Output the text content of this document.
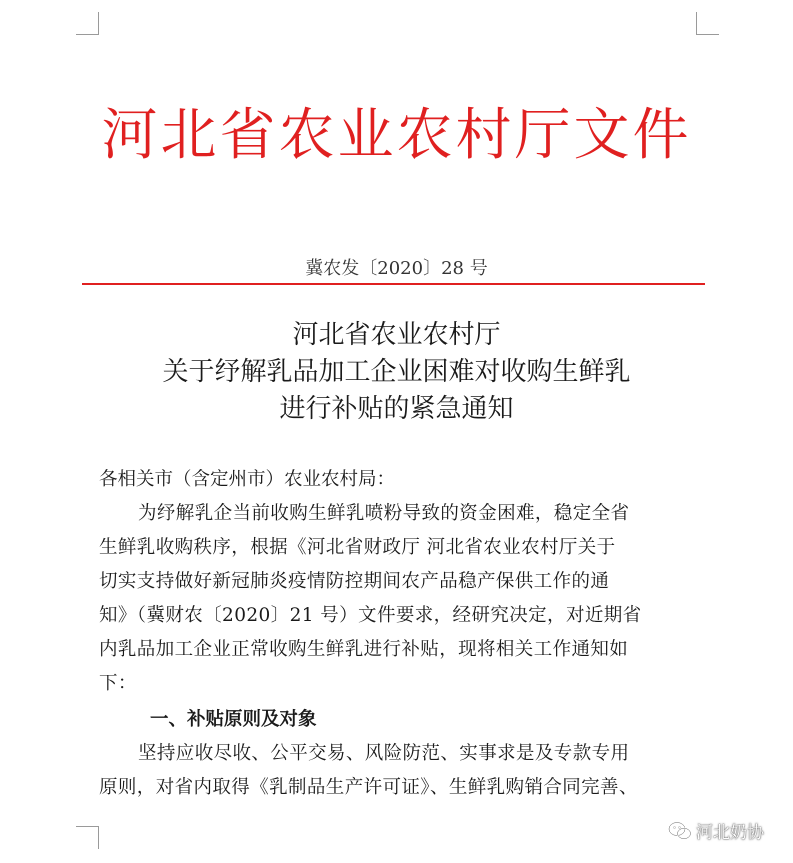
河北省农业农村厅文件
冀农发〔2020〕28 号
河北省农业农村厅
关于纾解乳品加工企业困难对收购生鲜乳
进行补贴的紧急通知
各相关市（含定州市）农业农村局：
为纾解乳企当前收购生鲜乳喷粉导致的资金困难，稳定全省
生鲜乳收购秩序，根据《河北省财政厅 河北省农业农村厅关于
切实支持做好新冠肺炎疫情防控期间农产品稳产保供工作的通
知》（冀财农〔2020〕21 号）文件要求，经研究决定，对近期省
内乳品加工企业正常收购生鲜乳进行补贴，现将相关工作通知如
下：
一、补贴原则及对象
坚持应收尽收、公平交易、风险防范、实事求是及专款专用
原则，对省内取得《乳制品生产许可证》、生鲜乳购销合同完善、
河北奶协
